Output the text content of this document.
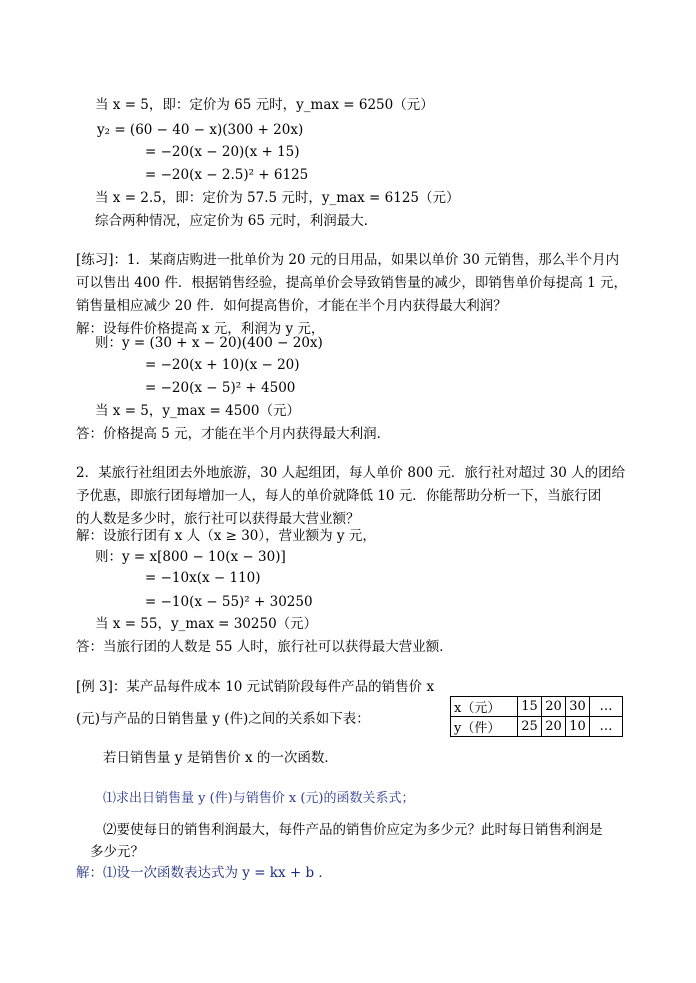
当 x = 5，即：定价为 65 元时，y_max = 6250（元）
y₂ = (60 − 40 − x)(300 + 20x)
= −20(x − 20)(x + 15)
= −20(x − 2.5)² + 6125
当 x = 2.5，即：定价为 57.5 元时，y_max = 6125（元）
综合两种情况，应定价为 65 元时，利润最大．
[练习]：1．某商店购进一批单价为 20 元的日用品，如果以单价 30 元销售，那么半个月内
可以售出 400 件．根据销售经验，提高单价会导致销售量的减少，即销售单价每提高 1 元，
销售量相应减少 20 件．如何提高售价，才能在半个月内获得最大利润？
解：设每件价格提高 x 元，利润为 y 元，
则：y = (30 + x − 20)(400 − 20x)
= −20(x + 10)(x − 20)
= −20(x − 5)² + 4500
当 x = 5，y_max = 4500（元）
答：价格提高 5 元，才能在半个月内获得最大利润．
2．某旅行社组团去外地旅游，30 人起组团，每人单价 800 元．旅行社对超过 30 人的团给
予优惠，即旅行团每增加一人，每人的单价就降低 10 元．你能帮助分析一下，当旅行团
的人数是多少时，旅行社可以获得最大营业额？
解：设旅行团有 x 人（x ≥ 30），营业额为 y 元，
则：y = x[800 − 10(x − 30)]
= −10x(x − 110)
= −10(x − 55)² + 30250
当 x = 55，y_max = 30250（元）
答：当旅行团的人数是 55 人时，旅行社可以获得最大营业额．
[例 3]：某产品每件成本 10 元试销阶段每件产品的销售价 x
(元)与产品的日销售量 y (件)之间的关系如下表：
x（元）	15	20	30	…
y（件）	25	20	10	…
若日销售量 y 是销售价 x 的一次函数．
⑴求出日销售量 y (件)与销售价 x (元)的函数关系式；
⑵要使每日的销售利润最大，每件产品的销售价应定为多少元？此时每日销售利润是
多少元？
解：⑴设一次函数表达式为 y = kx + b ．
